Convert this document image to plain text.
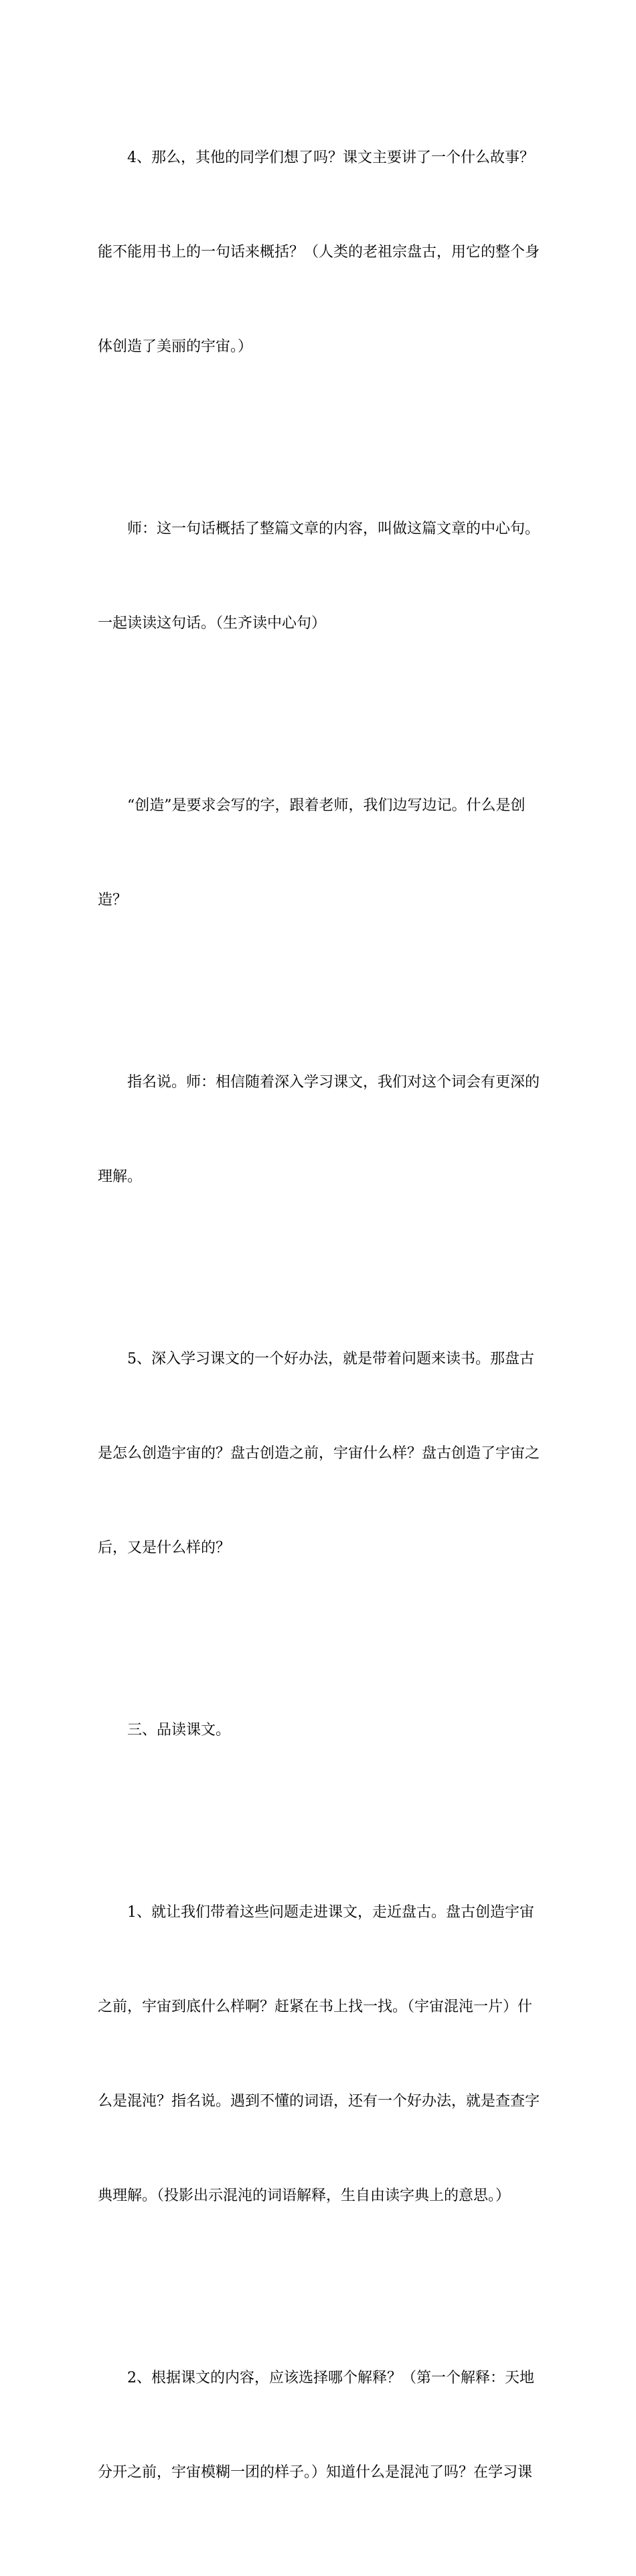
　　4、那么，其他的同学们想了吗？课文主要讲了一个什么故事？

能不能用书上的一句话来概括？（人类的老祖宗盘古，用它的整个身

体创造了美丽的宇宙。）

　　师：这一句话概括了整篇文章的内容，叫做这篇文章的中心句。

一起读读这句话。（生齐读中心句）

　　“创造”是要求会写的字，跟着老师，我们边写边记。什么是创

造？

　　指名说。师：相信随着深入学习课文，我们对这个词会有更深的

理解。

　　5、深入学习课文的一个好办法，就是带着问题来读书。那盘古

是怎么创造宇宙的？盘古创造之前，宇宙什么样？盘古创造了宇宙之

后，又是什么样的？

　　三、品读课文。

　　1、就让我们带着这些问题走进课文，走近盘古。盘古创造宇宙

之前，宇宙到底什么样啊？赶紧在书上找一找。（宇宙混沌一片）什

么是混沌？指名说。遇到不懂的词语，还有一个好办法，就是查查字

典理解。（投影出示混沌的词语解释，生自由读字典上的意思。）

　　2、根据课文的内容，应该选择哪个解释？（第一个解释：天地

分开之前，宇宙模糊一团的样子。）知道什么是混沌了吗？在学习课
